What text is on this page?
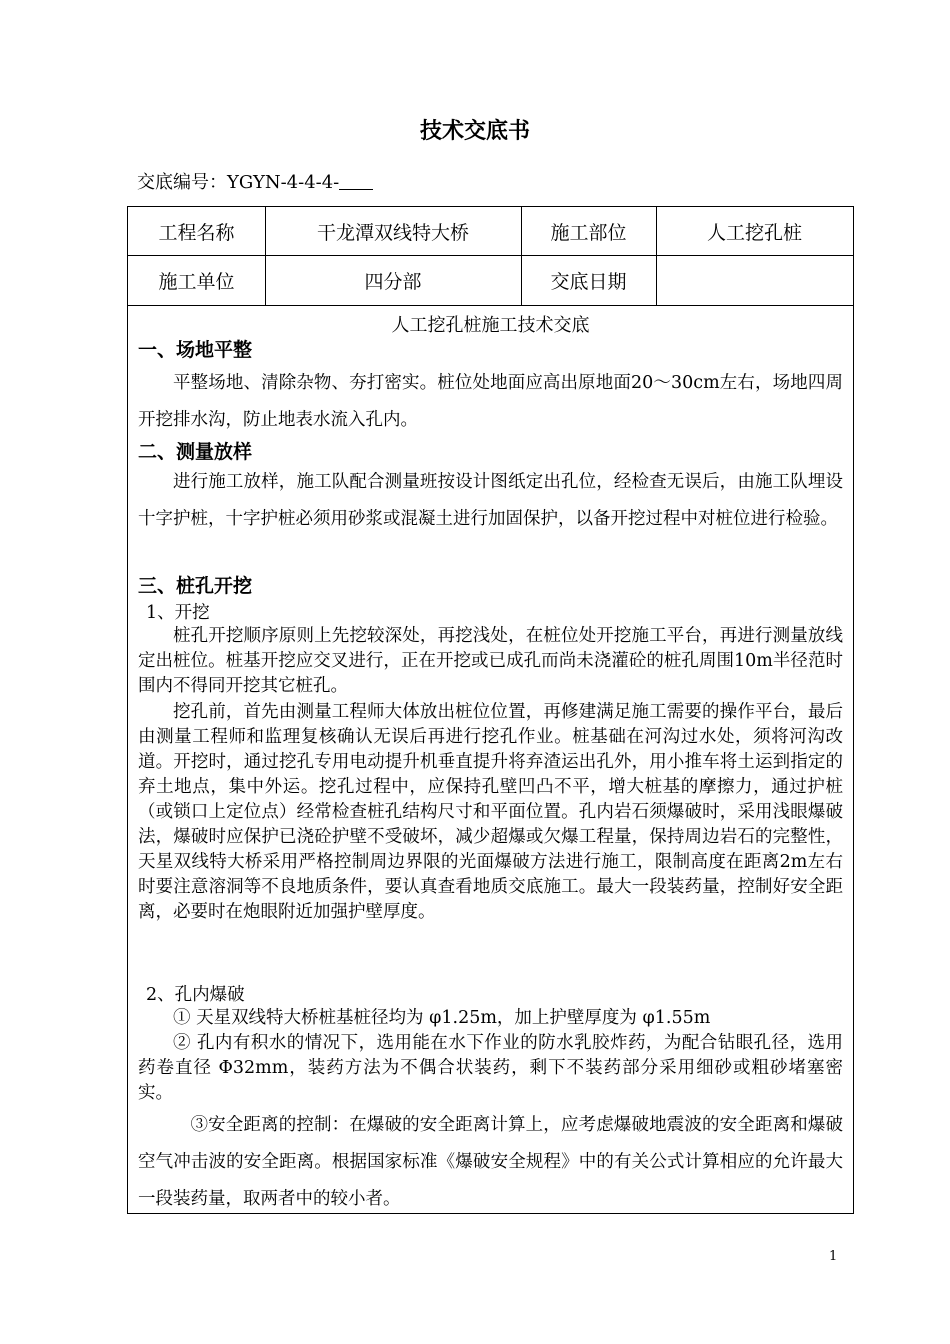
技术交底书
交底编号：YGYN-4-4-4-
工程名称	干龙潭双线特大桥	施工部位	人工挖孔桩
施工单位	四分部	交底日期
人工挖孔桩施工技术交底
一、场地平整

平整场地、清除杂物、夯打密实。桩位处地面应高出原地面20～30cm左右，场地四周开挖排水沟，防止地表水流入孔内。

二、测量放样

进行施工放样，施工队配合测量班按设计图纸定出孔位，经检查无误后，由施工队埋设十字护桩，十字护桩必须用砂浆或混凝土进行加固保护，以备开挖过程中对桩位进行检验。

三、桩孔开挖
1、开挖

桩孔开挖顺序原则上先挖较深处，再挖浅处，在桩位处开挖施工平台，再进行测量放线定出桩位。桩基开挖应交叉进行，正在开挖或已成孔而尚未浇灌砼的桩孔周围10m半径范时围内不得同开挖其它桩孔。

挖孔前，首先由测量工程师大体放出桩位位置，再修建满足施工需要的操作平台，最后由测量工程师和监理复核确认无误后再进行挖孔作业。桩基础在河沟过水处，须将河沟改道。开挖时，通过挖孔专用电动提升机垂直提升将弃渣运出孔外，用小推车将土运到指定的弃土地点，集中外运。挖孔过程中，应保持孔壁凹凸不平，增大桩基的摩擦力，通过护桩（或锁口上定位点）经常检查桩孔结构尺寸和平面位置。孔内岩石须爆破时，采用浅眼爆破法，爆破时应保护已浇砼护壁不受破坏，减少超爆或欠爆工程量，保持周边岩石的完整性，天星双线特大桥采用严格控制周边界限的光面爆破方法进行施工，限制高度在距离2m左右时要注意溶洞等不良地质条件，要认真查看地质交底施工。最大一段装药量，控制好安全距离，必要时在炮眼附近加强护壁厚度。

2、孔内爆破

① 天星双线特大桥桩基桩径均为 φ1.25m，加上护壁厚度为 φ1.55m

② 孔内有积水的情况下，选用能在水下作业的防水乳胶炸药，为配合钻眼孔径，选用药卷直径 Φ32mm，装药方法为不偶合状装药，剩下不装药部分采用细砂或粗砂堵塞密实。

③安全距离的控制：在爆破的安全距离计算上，应考虑爆破地震波的安全距离和爆破空气冲击波的安全距离。根据国家标准《爆破安全规程》中的有关公式计算相应的允许最大一段装药量，取两者中的较小者。

1
